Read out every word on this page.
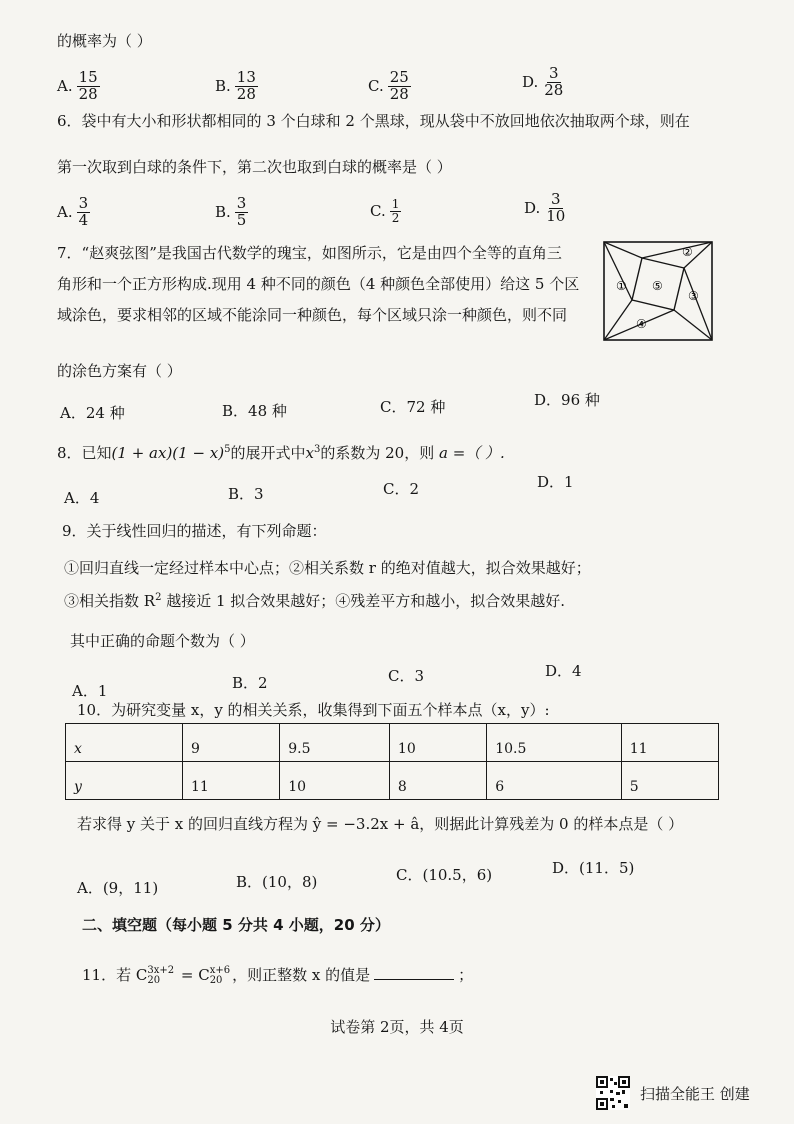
的概率为（ ）
A. $\frac{15}{28}$	B. $\frac{13}{28}$	C. $\frac{25}{28}$	D. $\frac{3}{28}$
6．袋中有大小和形状都相同的 3 个白球和 2 个黑球，现从袋中不放回地依次抽取两个球，则在
第一次取到白球的条件下，第二次也取到白球的概率是（ ）
A. $\frac{3}{4}$	B. $\frac{3}{5}$	C. $\frac{1}{2}$	D. $\frac{3}{10}$
7．“赵爽弦图”是我国古代数学的瑰宝，如图所示，它是由四个全等的直角三
角形和一个正方形构成.现用 4 种不同的颜色（4 种颜色全部使用）给这 5 个区
域涂色，要求相邻的区域不能涂同一种颜色，每个区域只涂一种颜色，则不同
的涂色方案有（ ）
①
②
③
④
⑤
A．24 种	B．48 种	C．72 种	D．96 种
8．已知$(1 + ax)(1 - x)^5$的展开式中$x^3$的系数为 20，则 a =（ ）.
A．4	B．3	C．2	D．1
9．关于线性回归的描述，有下列命题：
①回归直线一定经过样本中心点；②相关系数 r 的绝对值越大，拟合效果越好；
③相关指数 $R^2$ 越接近 1 拟合效果越好；④残差平方和越小，拟合效果越好.
其中正确的命题个数为（ ）
A．1	B．2	C．3	D．4
10．为研究变量 x，y 的相关关系，收集得到下面五个样本点（x，y）:
x	9	9.5	10	10.5	11
y	11	10	8	6	5
若求得 y 关于 x 的回归直线方程为 ŷ = −3.2x + â，则据此计算残差为 0 的样本点是（ ）
A．(9，11)	B．(10，8)	C．(10.5，6)	D．(11．5)
二、填空题（每小题 5 分共 4 小题，20 分）
11．若 C 3x+2
20	= C x+6
20 ，则正整数 x 的值是	；
试卷第 2页，共 4页
扫描全能王 创建
